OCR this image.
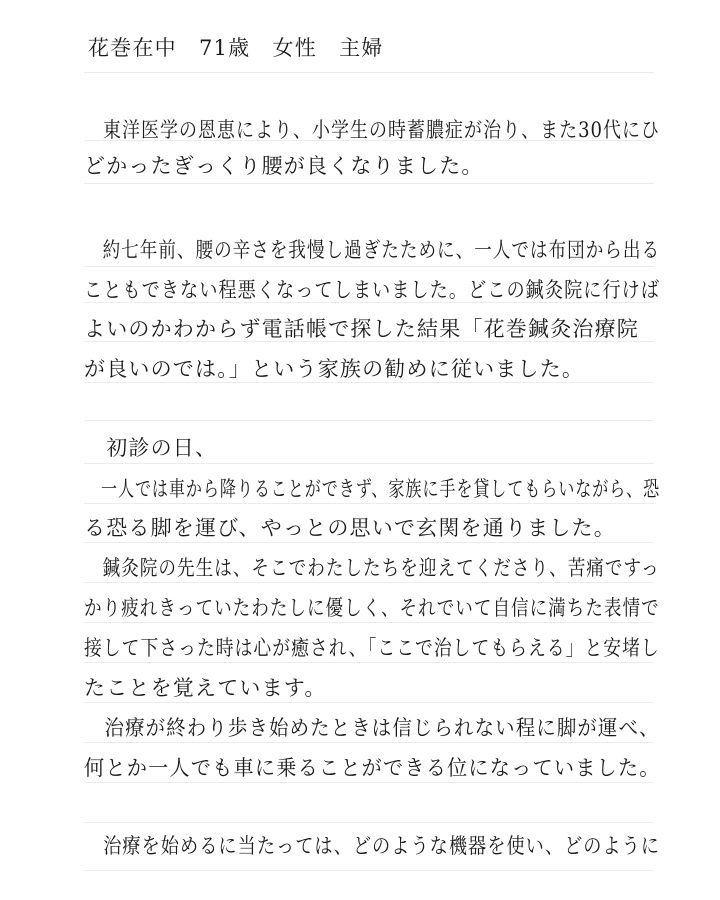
花巻在中　71歳　女性　主婦
　東洋医学の恩恵により、小学生の時蓄膿症が治り、また30代にひ
どかったぎっくり腰が良くなりました。
　約七年前、腰の辛さを我慢し過ぎたために、一人では布団から出る
こともできない程悪くなってしまいました。どこの鍼灸院に行けば
よいのかわからず電話帳で探した結果「花巻鍼灸治療院
が良いのでは。」という家族の勧めに従いました。
　初診の日、
　一人では車から降りることができず、家族に手を貸してもらいながら、恐
る恐る脚を運び、やっとの思いで玄関を通りました。
　鍼灸院の先生は、そこでわたしたちを迎えてくださり、苦痛ですっ
かり疲れきっていたわたしに優しく、それでいて自信に満ちた表情で
接して下さった時は心が癒され、「ここで治してもらえる」と安堵し
たことを覚えています。
　治療が終わり歩き始めたときは信じられない程に脚が運べ、
何とか一人でも車に乗ることができる位になっていました。
　治療を始めるに当たっては、どのような機器を使い、どのように
